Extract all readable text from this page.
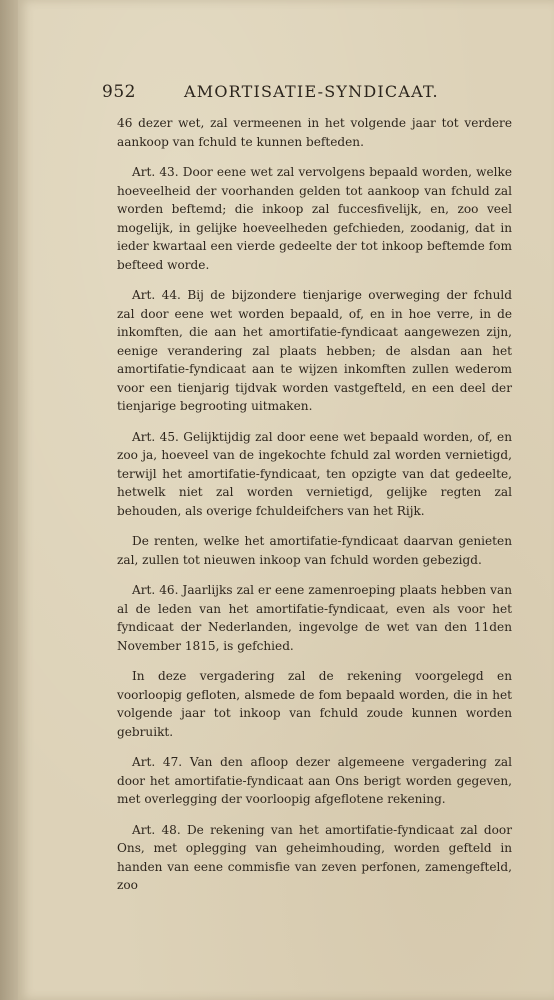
952	AMORTISATIE-SYNDICAAT.

46 dezer wet, zal vermeenen in het volgende jaar tot verdere aankoop van fchuld te kunnen befteden.

Art. 43. Door eene wet zal vervolgens bepaald worden, welke hoeveelheid der voorhanden gelden tot aankoop van fchuld zal worden beftemd; die inkoop zal fuccesfivelijk, en, zoo veel mogelijk, in gelijke hoeveelheden gefchieden, zoodanig, dat in ieder kwartaal een vierde gedeelte der tot inkoop beftemde fom befteed worde.

Art. 44. Bij de bijzondere tienjarige overweging der fchuld zal door eene wet worden bepaald, of, en in hoe verre, in de inkomften, die aan het amortifatie-fyndicaat aangewezen zijn, eenige verandering zal plaats hebben; de alsdan aan het amortifatie-fyndicaat aan te wijzen inkomften zullen wederom voor een tienjarig tijdvak worden vastgefteld, en een deel der tienjarige begrooting uitmaken.

Art. 45. Gelijktijdig zal door eene wet bepaald worden, of, en zoo ja, hoeveel van de ingekochte fchuld zal worden vernietigd, terwijl het amortifatie-fyndicaat, ten opzigte van dat gedeelte, hetwelk niet zal worden vernietigd, gelijke regten zal behouden, als overige fchuldeifchers van het Rijk.

De renten, welke het amortifatie-fyndicaat daarvan genieten zal, zullen tot nieuwen inkoop van fchuld worden gebezigd.

Art. 46. Jaarlijks zal er eene zamenroeping plaats hebben van al de leden van het amortifatie-fyndicaat, even als voor het fyndicaat der Nederlanden, ingevolge de wet van den 11den November 1815, is gefchied.

In deze vergadering zal de rekening voorgelegd en voorloopig gefloten, alsmede de fom bepaald worden, die in het volgende jaar tot inkoop van fchuld zoude kunnen worden gebruikt.

Art. 47. Van den afloop dezer algemeene vergadering zal door het amortifatie-fyndicaat aan Ons berigt worden gegeven, met overlegging der voorloopig afgeflotene rekening.

Art. 48. De rekening van het amortifatie-fyndicaat zal door Ons, met oplegging van geheimhouding, worden gefteld in handen van eene commisfie van zeven perfonen, zamengefteld, zoo
